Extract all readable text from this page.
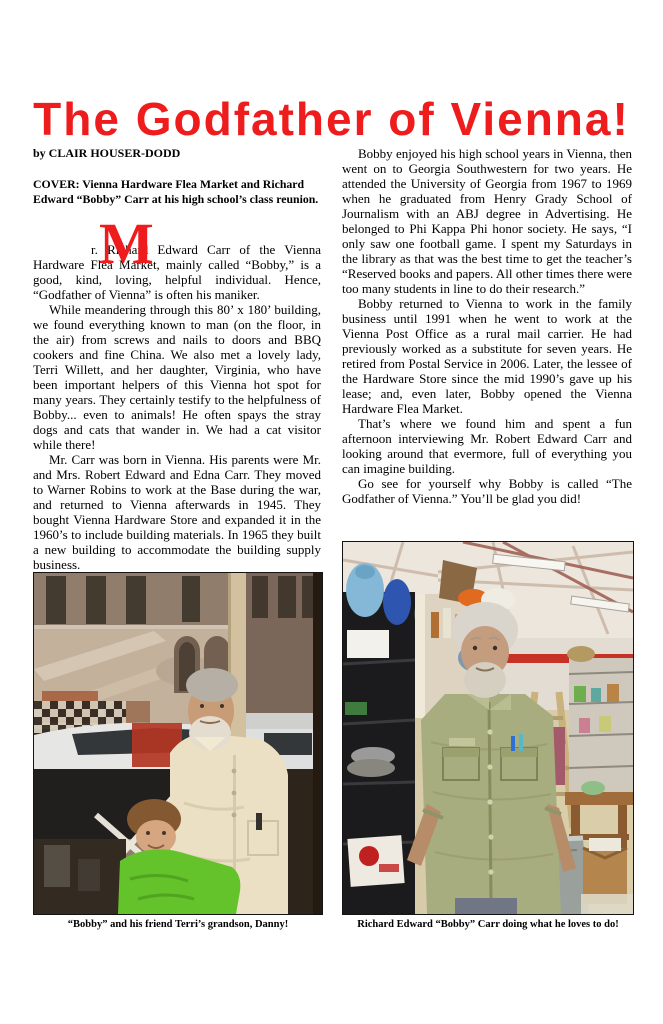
The Godfather of Vienna!
by CLAIR HOUSER-DODD
COVER: Vienna Hardware Flea Market and Richard Edward “Bobby” Carr at his high school’s class reunion.

M
r. Richard Edward Carr of the Vienna Hardware Flea Market, mainly called “Bobby,” is a good, kind, loving, helpful individual. Hence, “Godfather of Vienna” is often his maniker.

While meandering through this 80’ x 180’ building, we found everything known to man (on the floor, in the air) from screws and nails to doors and BBQ cookers and fine China. We also met a lovely lady, Terri Willett, and her daughter, Virginia, who have been important helpers of this Vienna hot spot for many years. They certainly testify to the helpfulness of Bobby... even to animals! He often spays the stray dogs and cats that wander in. We had a cat visitor while there!

Mr. Carr was born in Vienna. His parents were Mr. and Mrs. Robert Edward and Edna Carr. They moved to Warner Robins to work at the Base during the war, and returned to Vienna afterwards in 1945. They bought Vienna Hardware Store and expanded it in the 1960’s to include building materials. In 1965 they built a new building to accommodate the building supply business.

Bobby enjoyed his high school years in Vienna, then went on to Georgia Southwestern for two years. He attended the University of Georgia from 1967 to 1969 when he graduated from Henry Grady School of Journalism with an ABJ degree in Advertising. He belonged to Phi Kappa Phi honor society. He says, “I only saw one football game. I spent my Saturdays in the library as that was the best time to get the teacher’s “Reserved books and papers. All other times there were too many students in line to do their research.”

Bobby returned to Vienna to work in the family business until 1991 when he went to work at the Vienna Post Office as a rural mail carrier. He had previously worked as a substitute for seven years. He retired from Postal Service in 2006. Later, the lessee of the Hardware Store since the mid 1990’s gave up his lease; and, even later, Bobby opened the Vienna Hardware Flea Market.

That’s where we found him and spent a fun afternoon interviewing Mr. Robert Edward Carr and looking around that evermore, full of everything you can imagine building.

Go see for yourself why Bobby is called “The Godfather of Vienna.” You’ll be glad you did!

“Bobby” and his friend Terri’s grandson, Danny!	Richard Edward “Bobby” Carr doing what he loves to do!
